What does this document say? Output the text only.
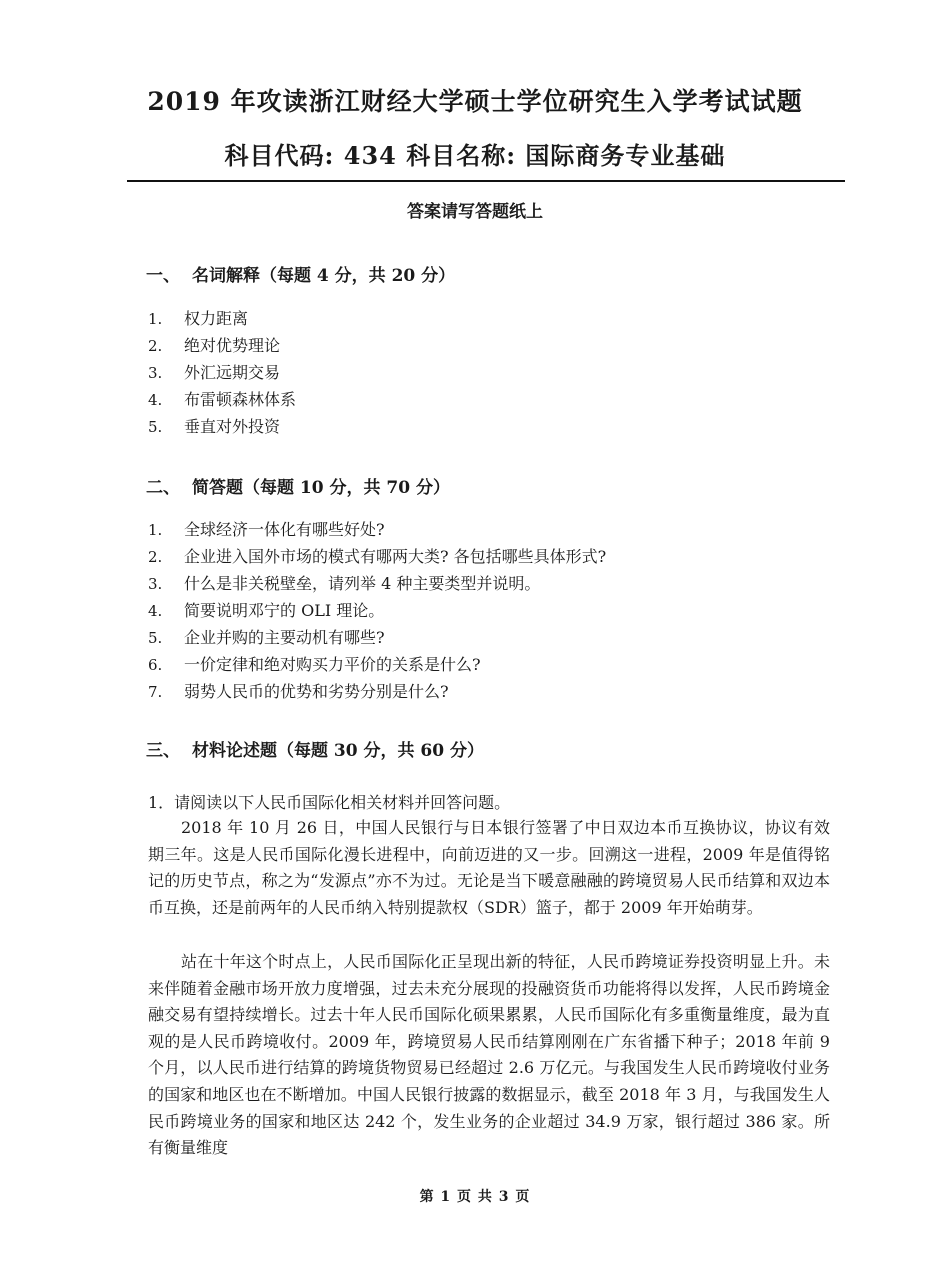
2019 年攻读浙江财经大学硕士学位研究生入学考试试题
科目代码: 434 科目名称: 国际商务专业基础
答案请写答题纸上
一、 名词解释（每题 4 分，共 20 分）
1. 权力距离
2. 绝对优势理论
3. 外汇远期交易
4. 布雷顿森林体系
5. 垂直对外投资
二、 简答题（每题 10 分，共 70 分）
1. 全球经济一体化有哪些好处?
2. 企业进入国外市场的模式有哪两大类? 各包括哪些具体形式?
3. 什么是非关税壁垒，请列举 4 种主要类型并说明。
4. 简要说明邓宁的 OLI 理论。
5. 企业并购的主要动机有哪些?
6. 一价定律和绝对购买力平价的关系是什么?
7. 弱势人民币的优势和劣势分别是什么?
三、 材料论述题（每题 30 分，共 60 分）
1．请阅读以下人民币国际化相关材料并回答问题。

2018 年 10 月 26 日，中国人民银行与日本银行签署了中日双边本币互换协议，协议有效期三年。这是人民币国际化漫长进程中，向前迈进的又一步。回溯这一进程，2009 年是值得铭记的历史节点，称之为“发源点”亦不为过。无论是当下暖意融融的跨境贸易人民币结算和双边本币互换，还是前两年的人民币纳入特别提款权（SDR）篮子，都于 2009 年开始萌芽。

站在十年这个时点上，人民币国际化正呈现出新的特征，人民币跨境证券投资明显上升。未来伴随着金融市场开放力度增强，过去未充分展现的投融资货币功能将得以发挥，人民币跨境金融交易有望持续增长。过去十年人民币国际化硕果累累，人民币国际化有多重衡量维度，最为直观的是人民币跨境收付。2009 年，跨境贸易人民币结算刚刚在广东省播下种子；2018 年前 9 个月，以人民币进行结算的跨境货物贸易已经超过 2.6 万亿元。与我国发生人民币跨境收付业务的国家和地区也在不断增加。中国人民银行披露的数据显示，截至 2018 年 3 月，与我国发生人民币跨境业务的国家和地区达 242 个，发生业务的企业超过 34.9 万家，银行超过 386 家。所有衡量维度

第 1 页 共 3 页
